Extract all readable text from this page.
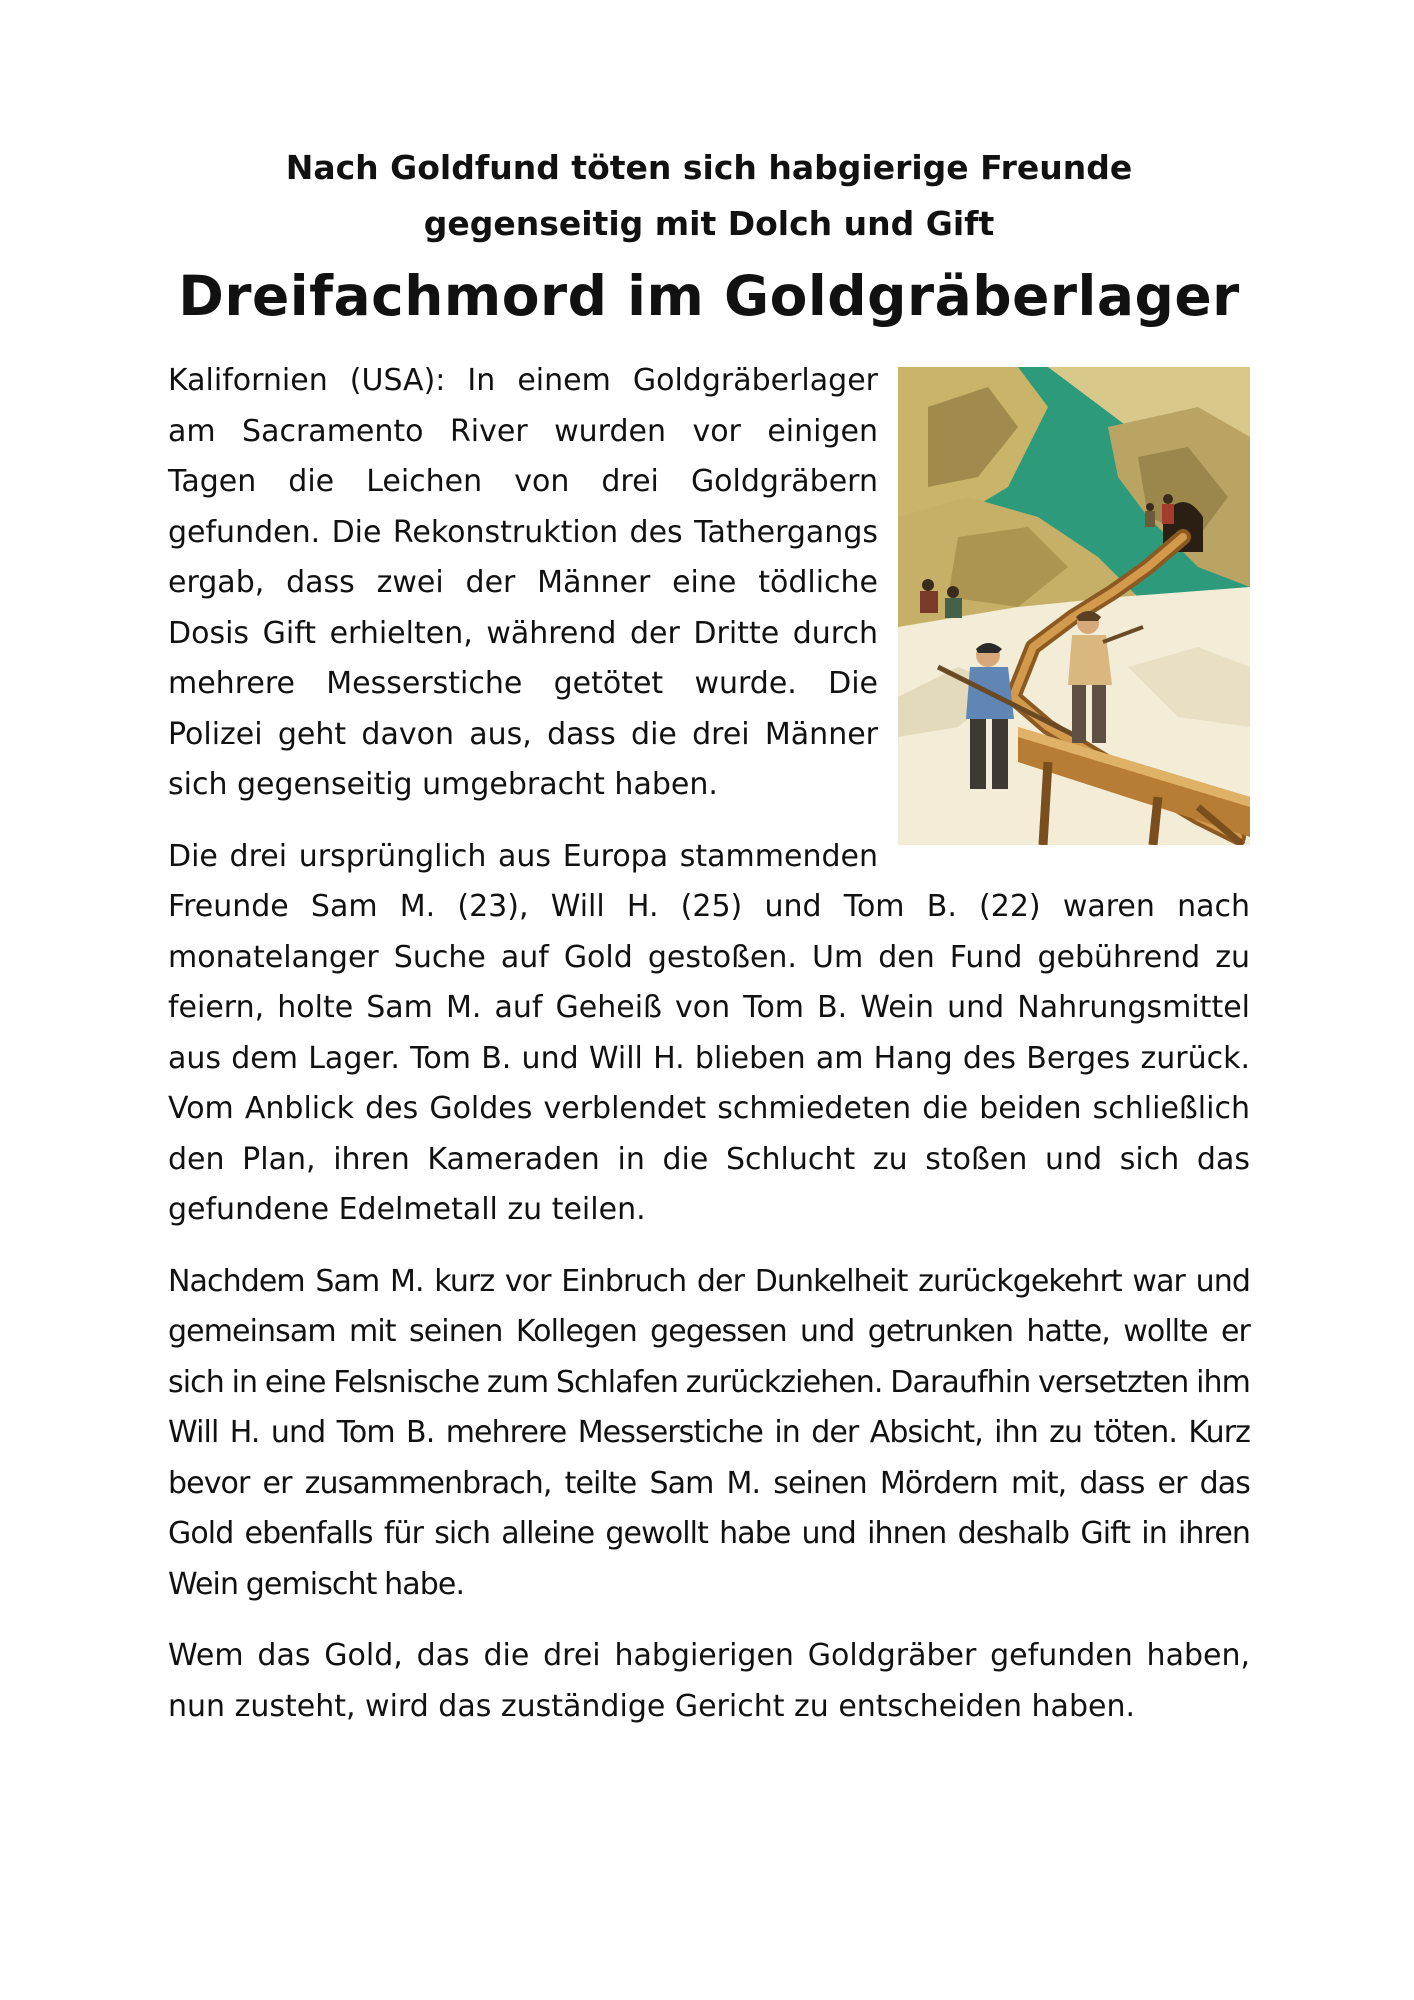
Nach Goldfund töten sich habgierige Freunde

gegenseitig mit Dolch und Gift

Dreifachmord im Goldgräberlager

Kalifornien (USA): In einem Goldgräberlager am Sacramento River wurden vor einigen Tagen die Leichen von drei Goldgräbern gefunden. Die Rekonstruktion des Tathergangs ergab, dass zwei der Männer eine tödliche Dosis Gift erhielten, während der Dritte durch mehrere Messerstiche getötet wurde. Die Polizei geht davon aus, dass die drei Männer sich gegenseitig umgebracht haben.

Die drei ursprünglich aus Europa stammenden Freunde Sam M. (23), Will H. (25) und Tom B. (22) waren nach monatelanger Suche auf Gold gestoßen. Um den Fund gebührend zu feiern, holte Sam M. auf Geheiß von Tom B. Wein und Nahrungsmittel aus dem Lager. Tom B. und Will H. blieben am Hang des Berges zurück. Vom Anblick des Goldes verblendet schmiedeten die beiden schließlich den Plan, ihren Kameraden in die Schlucht zu stoßen und sich das gefundene Edelmetall zu teilen.

Nachdem Sam M. kurz vor Einbruch der Dunkelheit zurückgekehrt war und gemeinsam mit seinen Kollegen gegessen und getrunken hatte, wollte er sich in eine Felsnische zum Schlafen zurückziehen. Daraufhin versetzten ihm Will H. und Tom B. mehrere Messerstiche in der Absicht, ihn zu töten. Kurz bevor er zusammenbrach, teilte Sam M. seinen Mördern mit, dass er das Gold ebenfalls für sich alleine gewollt habe und ihnen deshalb Gift in ihren Wein gemischt habe.

Wem das Gold, das die drei habgierigen Goldgräber gefunden haben, nun zusteht, wird das zuständige Gericht zu entscheiden haben.
